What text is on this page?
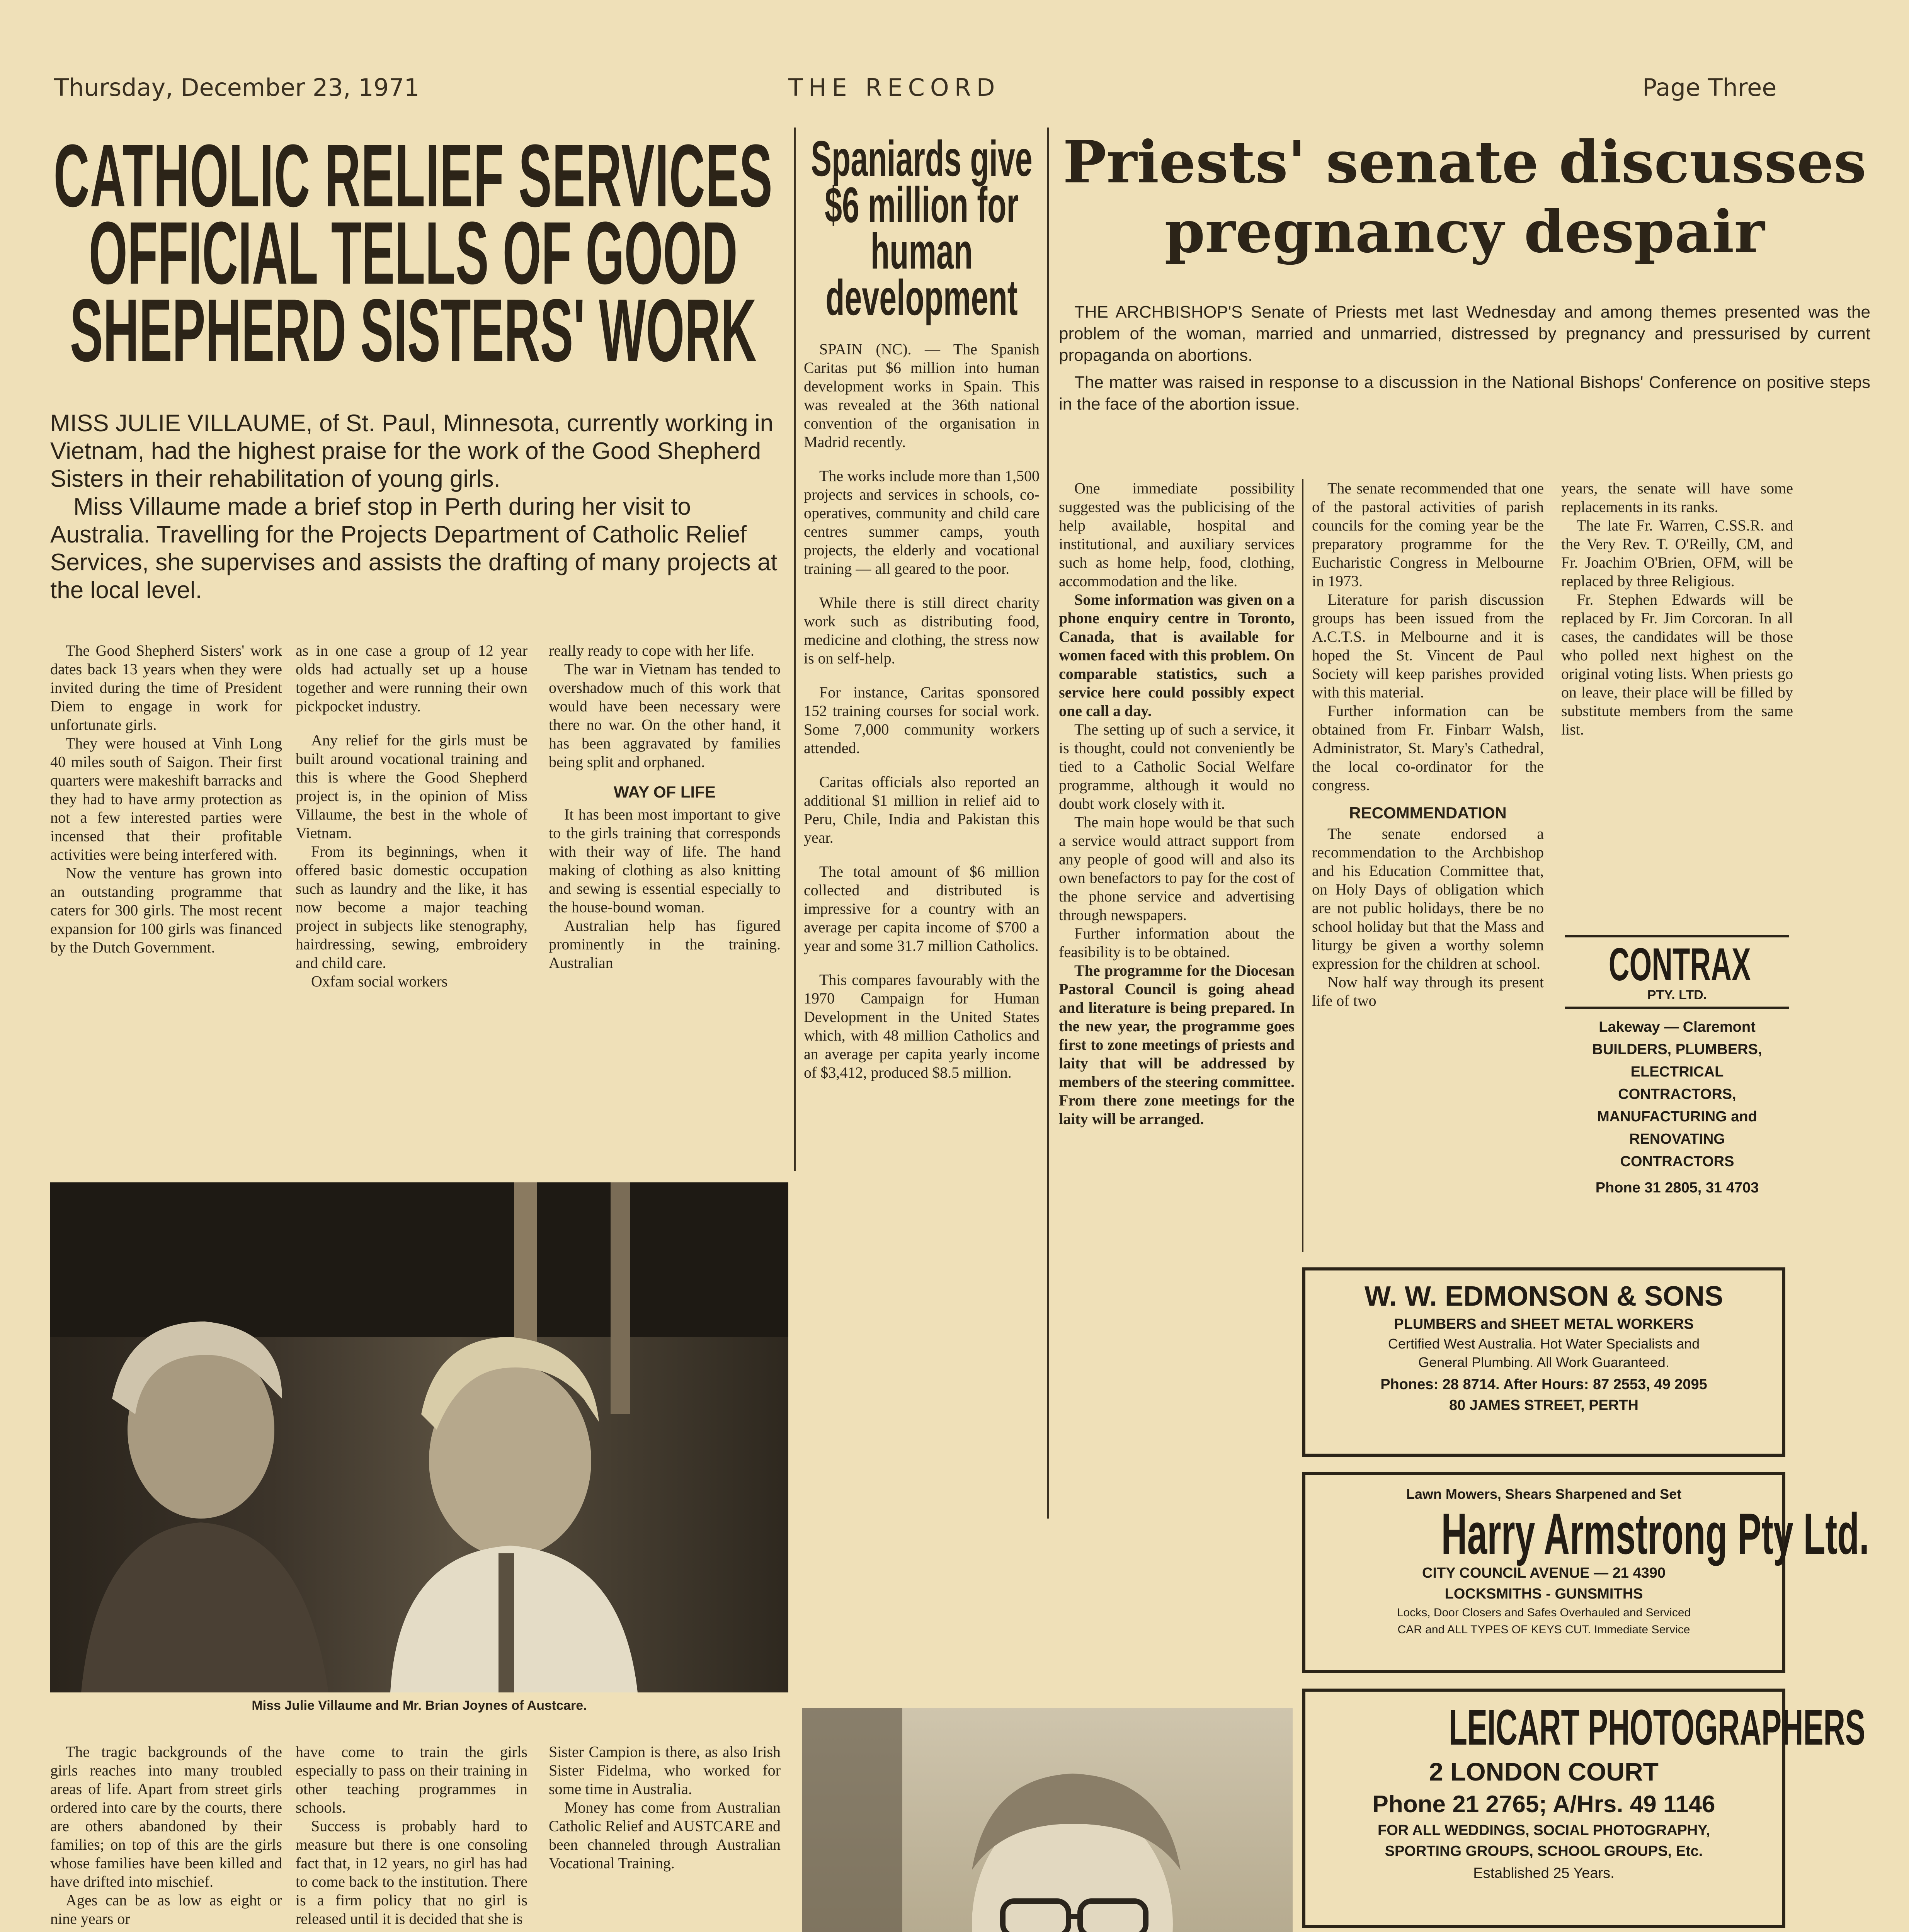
Thursday, December 23, 1971	THE RECORD	Page Three
CATHOLIC RELIEF SERVICES
OFFICIAL TELLS OF GOOD
SHEPHERD SISTERS' WORK

MISS JULIE VILLAUME, of St. Paul, Minnesota, currently working in Vietnam, had the highest praise for the work of the Good Shepherd Sisters in their rehabilitation of young girls.

Miss Villaume made a brief stop in Perth during her visit to Australia. Travelling for the Projects Department of Catholic Relief Services, she supervises and assists the drafting of many projects at the local level.

The Good Shepherd Sisters' work dates back 13 years when they were invited during the time of President Diem to engage in work for unfortunate girls.

They were housed at Vinh Long 40 miles south of Saigon. Their first quarters were makeshift barracks and they had to have army protection as not a few interested parties were incensed that their profitable activities were being interfered with.

Now the venture has grown into an outstanding programme that caters for 300 girls. The most recent expansion for 100 girls was financed by the Dutch Government.

as in one case a group of 12 year olds had actually set up a house together and were running their own pickpocket industry.

Any relief for the girls must be built around vocational training and this is where the Good Shepherd project is, in the opinion of Miss Villaume, the best in the whole of Vietnam.

From its beginnings, when it offered basic domestic occupation such as laundry and the like, it has now become a major teaching project in subjects like stenography, hairdressing, sewing, embroidery and child care.

Oxfam social workers

really ready to cope with her life.

The war in Vietnam has tended to overshadow much of this work that would have been necessary were there no war. On the other hand, it has been aggravated by families being split and orphaned.

WAY OF LIFE

It has been most important to give to the girls training that corresponds with their way of life. The hand making of clothing as also knitting and sewing is essential especially to the house-bound woman.

Australian help has figured prominently in the training. Australian

Miss Julie Villaume and Mr. Brian Joynes of Austcare.

The tragic backgrounds of the girls reaches into many troubled areas of life. Apart from street girls ordered into care by the courts, there are others abandoned by their families; on top of this are the girls whose families have been killed and have drifted into mischief.

Ages can be as low as eight or nine years or

have come to train the girls especially to pass on their training in other teaching programmes in schools.

Success is probably hard to measure but there is one consoling fact that, in 12 years, no girl has had to come back to the institution. There is a firm policy that no girl is released until it is decided that she is

Sister Campion is there, as also Irish Sister Fidelma, who worked for some time in Australia.

Money has come from Australian Catholic Relief and AUSTCARE and been channeled through Australian Vocational Training.

Spaniards give
$6 million for
human
development

SPAIN (NC). — The Spanish Caritas put $6 million into human development works in Spain. This was revealed at the 36th national convention of the organisation in Madrid recently.

The works include more than 1,500 projects and services in schools, co-operatives, community and child care centres summer camps, youth projects, the elderly and vocational training — all geared to the poor.

While there is still direct charity work such as distributing food, medicine and clothing, the stress now is on self-help.

For instance, Caritas sponsored 152 training courses for social work. Some 7,000 community workers attended.

Caritas officials also reported an additional $1 million in relief aid to Peru, Chile, India and Pakistan this year.

The total amount of $6 million collected and distributed is impressive for a country with an average per capita income of $700 a year and some 31.7 million Catholics.

This compares favourably with the 1970 Campaign for Human Development in the United States which, with 48 million Catholics and an average per capita yearly income of $3,412, produced $8.5 million.

Priests' senate discusses
pregnancy despair

THE ARCHBISHOP'S Senate of Priests met last Wednesday and among themes presented was the problem of the woman, married and unmarried, distressed by pregnancy and pressurised by current propaganda on abortions.

The matter was raised in response to a discussion in the National Bishops' Conference on positive steps in the face of the abortion issue.

One immediate possibility suggested was the publicising of the help available, hospital and institutional, and auxiliary services such as home help, food, clothing, accommodation and the like.

Some information was given on a phone enquiry centre in Toronto, Canada, that is available for women faced with this problem. On comparable statistics, such a service here could possibly expect one call a day.

The setting up of such a service, it is thought, could not conveniently be tied to a Catholic Social Welfare programme, although it would no doubt work closely with it.

The main hope would be that such a service would attract support from any people of good will and also its own benefactors to pay for the cost of the phone service and advertising through newspapers.

Further information about the feasibility is to be obtained.

The programme for the Diocesan Pastoral Council is going ahead and literature is being prepared. In the new year, the programme goes first to zone meetings of priests and laity that will be addressed by members of the steering committee. From there zone meetings for the laity will be arranged.

The senate recommended that one of the pastoral activities of parish councils for the coming year be the preparatory programme for the Eucharistic Congress in Melbourne in 1973.

Literature for parish discussion groups has been issued from the A.C.T.S. in Melbourne and it is hoped the St. Vincent de Paul Society will keep parishes provided with this material.

Further information can be obtained from Fr. Finbarr Walsh, Administrator, St. Mary's Cathedral, the local co-ordinator for the congress.

RECOMMENDATION

The senate endorsed a recommendation to the Archbishop and his Education Committee that, on Holy Days of obligation which are not public holidays, there be no school holiday but that the Mass and liturgy be given a worthy solemn expression for the children at school.

Now half way through its present life of two

years, the senate will have some replacements in its ranks.

The late Fr. Warren, C.SS.R. and the Very Rev. T. O'Reilly, CM, and Fr. Joachim O'Brien, OFM, will be replaced by three Religious.

Fr. Stephen Edwards will be replaced by Fr. Jim Corcoran. In all cases, the candidates will be those who polled next highest on the original voting lists. When priests go on leave, their place will be filled by substitute members from the same list.

CONTRAX PTY. LTD.
Lakeway — Claremont
BUILDERS, PLUMBERS,
ELECTRICAL
CONTRACTORS,
MANUFACTURING and
RENOVATING
CONTRACTORS
Phone 31 2805, 31 4703
W. W. EDMONSON & SONS
PLUMBERS and SHEET METAL WORKERS
Certified West Australia. Hot Water Specialists and
General Plumbing. All Work Guaranteed.
Phones: 28 8714. After Hours: 87 2553, 49 2095
80 JAMES STREET, PERTH
Lawn Mowers, Shears Sharpened and Set
Harry Armstrong Pty Ltd.
CITY COUNCIL AVENUE — 21 4390
LOCKSMITHS - GUNSMITHS
Locks, Door Closers and Safes Overhauled and Serviced
CAR and ALL TYPES OF KEYS CUT. Immediate Service
LEICART PHOTOGRAPHERS
2 LONDON COURT
Phone 21 2765; A/Hrs. 49 1146
FOR ALL WEDDINGS, SOCIAL PHOTOGRAPHY,
SPORTING GROUPS, SCHOOL GROUPS, Etc.
Established 25 Years.
